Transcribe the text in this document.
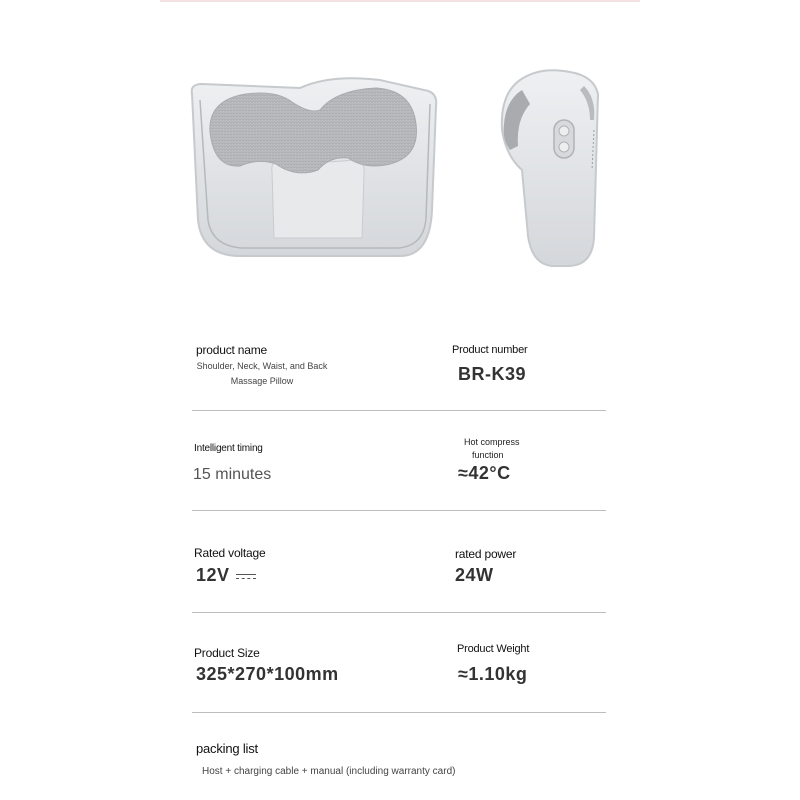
product name
Shoulder, Neck, Waist, and Back
Massage Pillow
Product number
BR-K39
Intelligent timing
15 minutes
Hot compress
function
≈42°C
Rated voltage
12V
rated power
24W
Product Size
325*270*100mm
Product Weight
≈1.10kg
packing list
Host + charging cable + manual (including warranty card)
